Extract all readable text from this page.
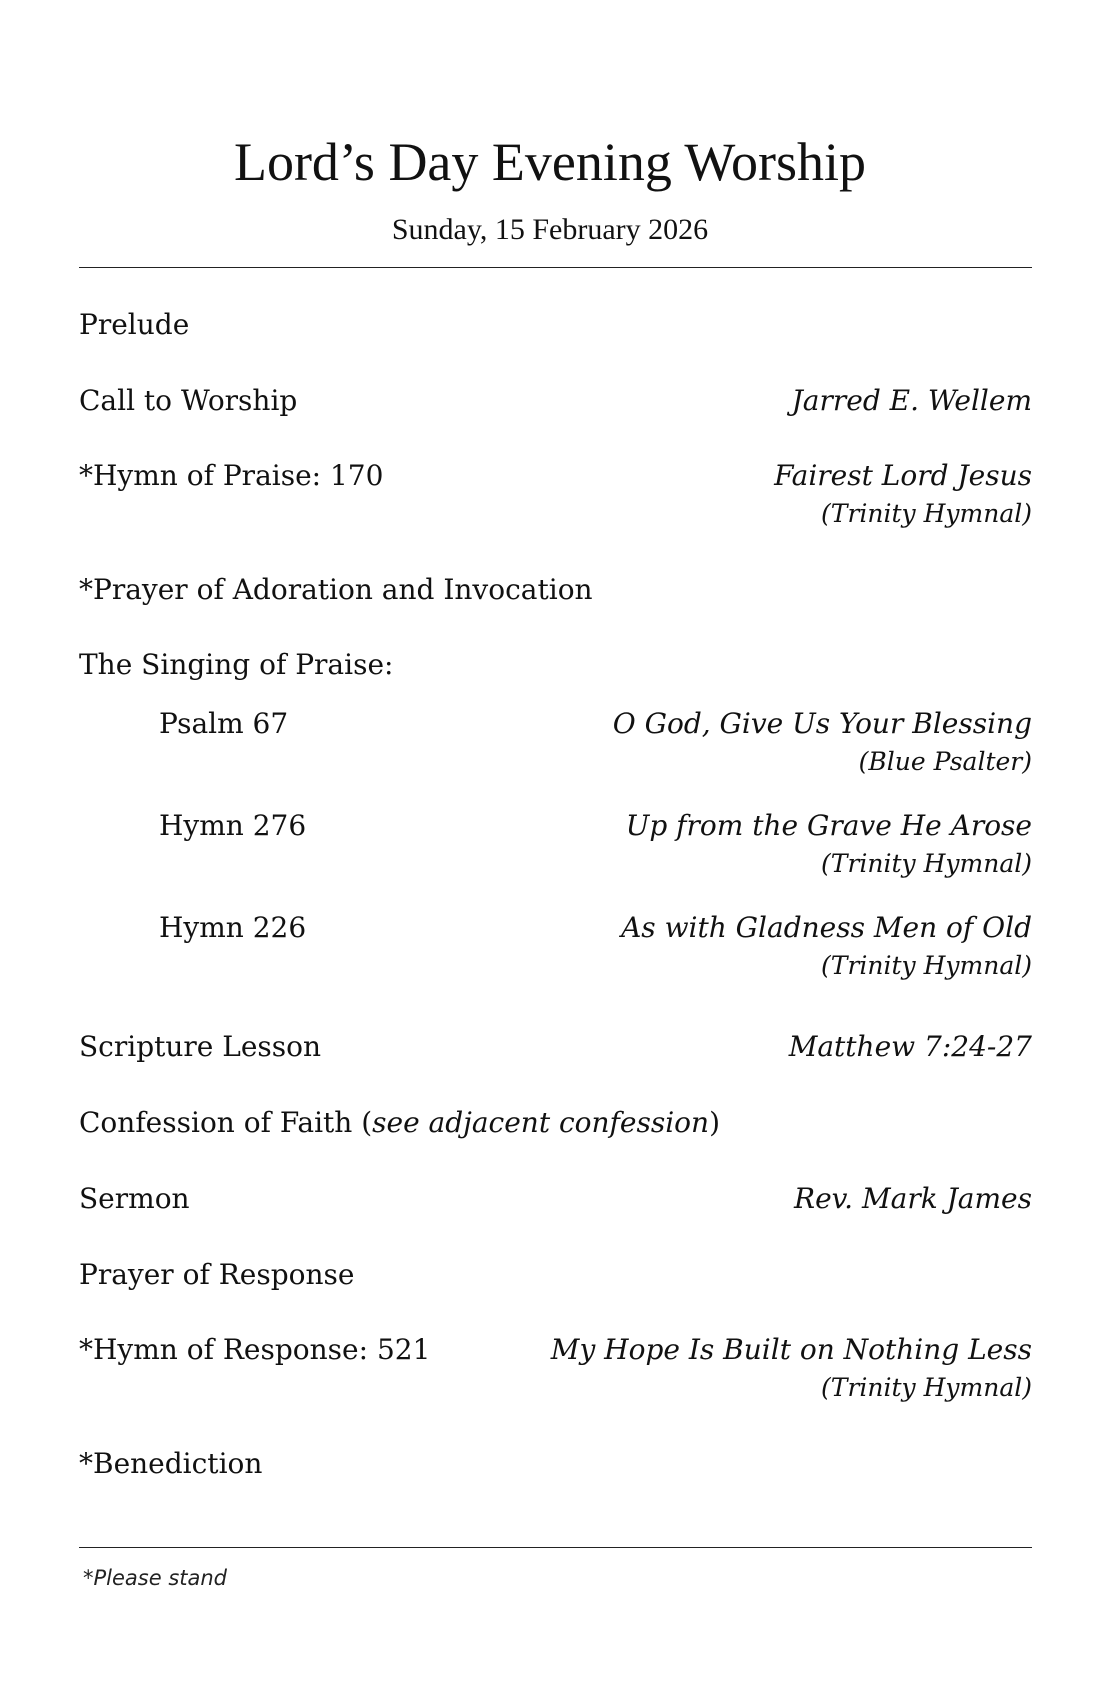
Lord’s Day Evening Worship
Sunday, 15 February 2026
Prelude
Call to Worship	Jarred E. Wellem
*Hymn of Praise: 170	Fairest Lord Jesus
(Trinity Hymnal)
*Prayer of Adoration and Invocation
The Singing of Praise:
Psalm 67	O God, Give Us Your Blessing
(Blue Psalter)
Hymn 276	Up from the Grave He Arose
(Trinity Hymnal)
Hymn 226	As with Gladness Men of Old
(Trinity Hymnal)
Scripture Lesson	Matthew 7:24-27
Confession of Faith (see adjacent confession)
Sermon	Rev. Mark James
Prayer of Response
*Hymn of Response: 521	My Hope Is Built on Nothing Less
(Trinity Hymnal)
*Benediction
*Please stand
